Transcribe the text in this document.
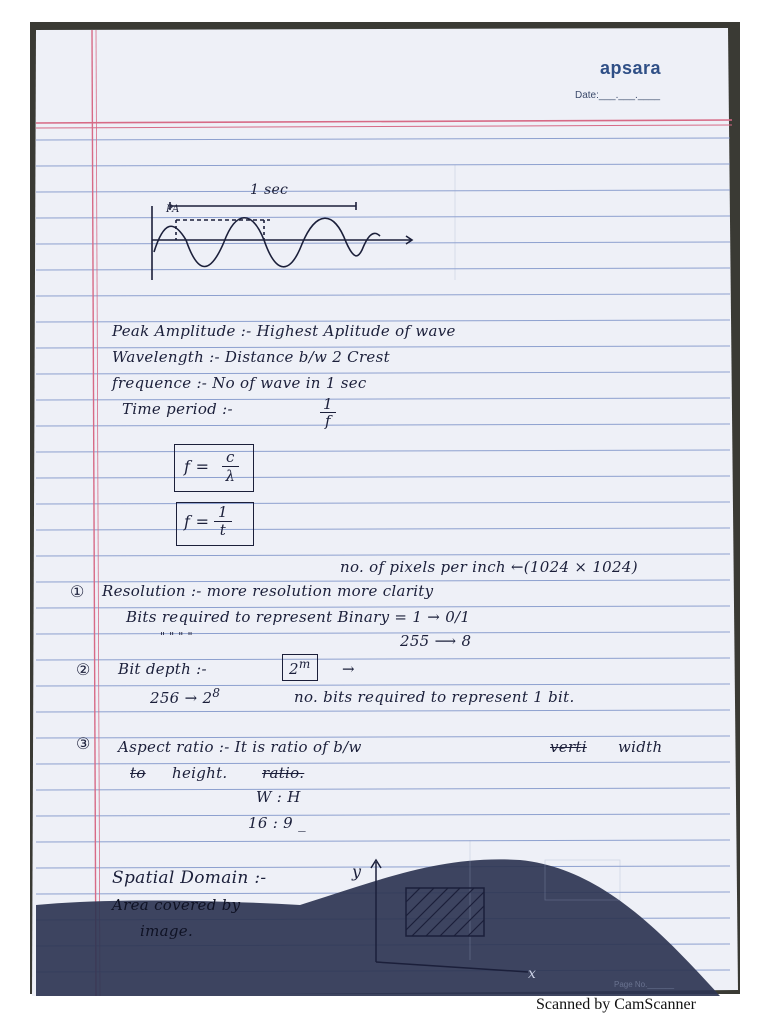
apsara
Date:___.___.____
1 sec
PA
Peak Amplitude :- Highest Aplitude of wave
Wavelength :- Distance b/w 2 Crest
frequence :- No of wave in 1 sec
Time period :-	$\frac{1}{f}$
$f = \frac{c}{\lambda}$
$f = \frac{1}{t}$
no. of pixels per inch ←(1024 × 1024)
① Resolution :- more resolution more clarity
Bits required to represent Binary = 1 → 0/1
" " " "	255 ⟶ 8
② Bit depth :-	$2^m$	→
$256 \to 2^8$	no. bits required to represent 1 bit.
③ Aspect ratio :- It is ratio of b/w	verti width
to height. ratio.
W : H
16 : 9 _
Spatial Domain :-
Area covered by
image.
y
x
Page No.______
Scanned by CamScanner
